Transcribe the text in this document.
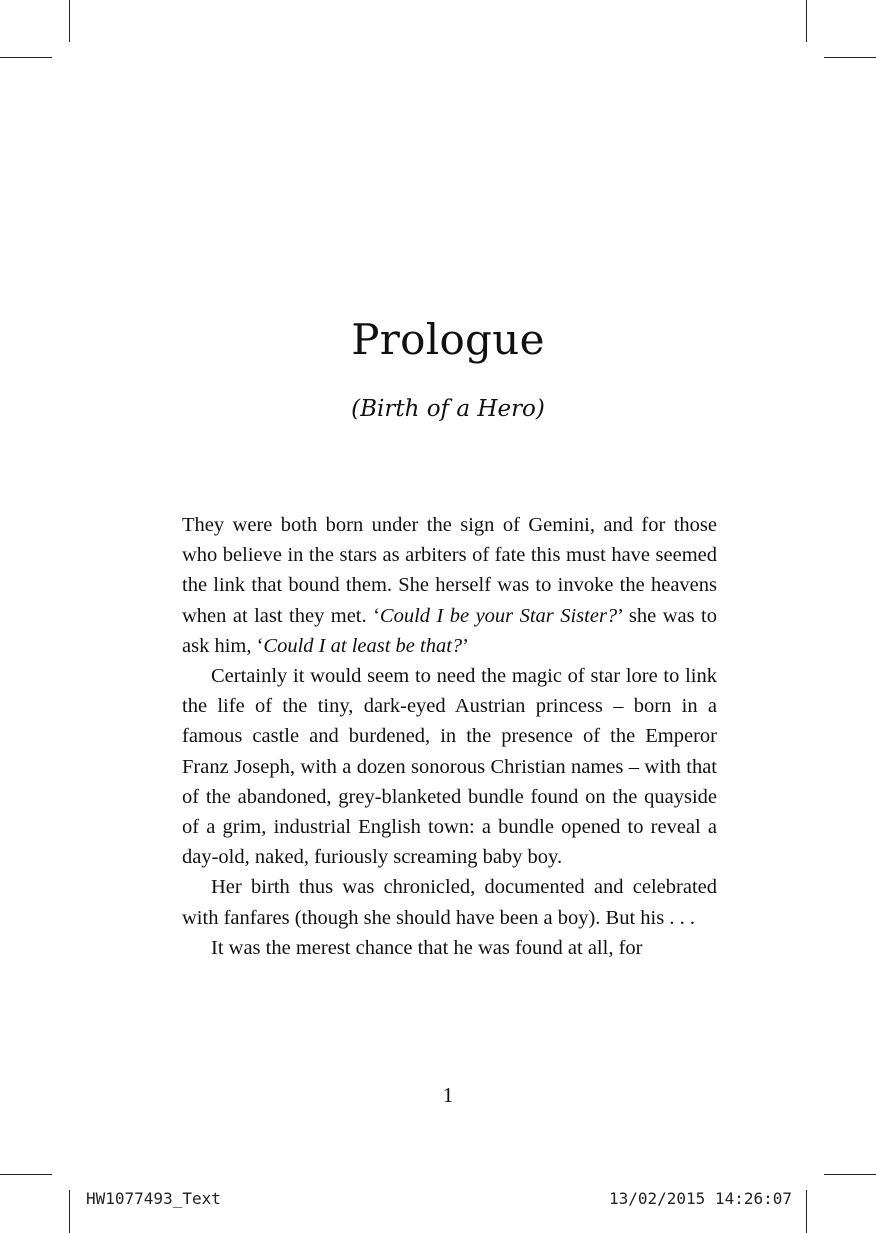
Prologue
(Birth of a Hero)

They were both born under the sign of Gemini, and for those who believe in the stars as arbiters of fate this must have seemed the link that bound them. She herself was to invoke the heavens when at last they met. ‘Could I be your Star Sister?’ she was to ask him, ‘Could I at least be that?’

Certainly it would seem to need the magic of star lore to link the life of the tiny, dark-eyed Austrian princess – born in a famous castle and burdened, in the presence of the Emperor Franz Joseph, with a dozen sonorous Christian names – with that of the abandoned, grey-blanketed bundle found on the quayside of a grim, industrial English town: a bundle opened to reveal a day-old, naked, furiously screaming baby boy.

Her birth thus was chronicled, documented and celebrated with fanfares (though she should have been a boy). But his . . .

It was the merest chance that he was found at all, for

1
HW1077493_Text	13/02/2015 14:26:07
